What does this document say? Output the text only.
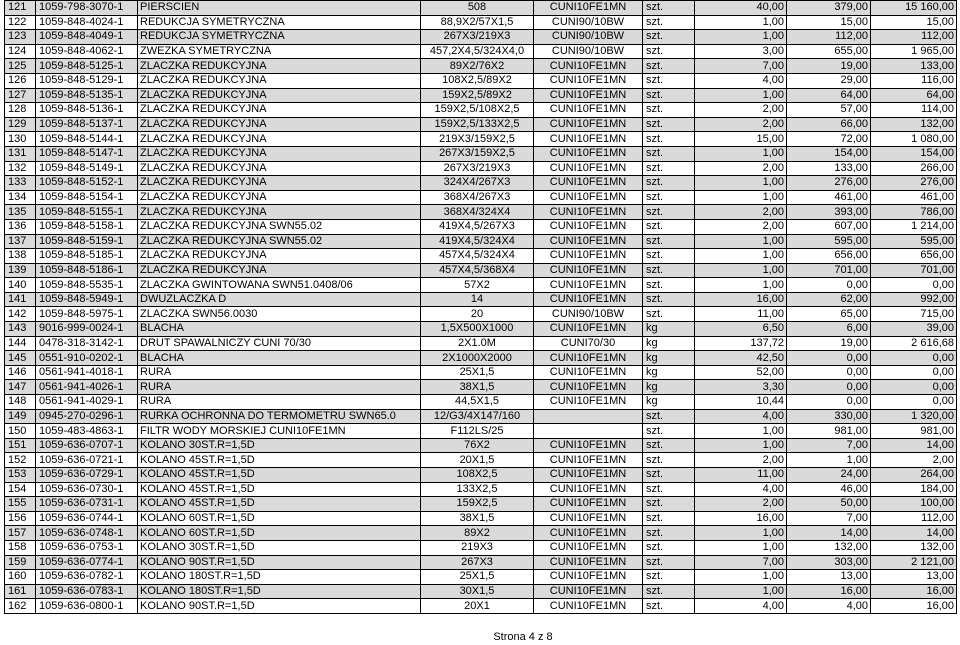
121	1059-798-3070-1	PIERSCIEN	508	CUNI10FE1MN	szt.	40,00	379,00	15 160,00
122	1059-848-4024-1	REDUKCJA SYMETRYCZNA	88,9X2/57X1,5	CUNI90/10BW	szt.	1,00	15,00	15,00
123	1059-848-4049-1	REDUKCJA SYMETRYCZNA	267X3/219X3	CUNI90/10BW	szt.	1,00	112,00	112,00
124	1059-848-4062-1	ZWEZKA SYMETRYCZNA	457,2X4,5/324X4,0	CUNI90/10BW	szt.	3,00	655,00	1 965,00
125	1059-848-5125-1	ZLACZKA REDUKCYJNA	89X2/76X2	CUNI10FE1MN	szt.	7,00	19,00	133,00
126	1059-848-5129-1	ZLACZKA REDUKCYJNA	108X2,5/89X2	CUNI10FE1MN	szt.	4,00	29,00	116,00
127	1059-848-5135-1	ZLACZKA REDUKCYJNA	159X2,5/89X2	CUNI10FE1MN	szt.	1,00	64,00	64,00
128	1059-848-5136-1	ZLACZKA REDUKCYJNA	159X2,5/108X2,5	CUNI10FE1MN	szt.	2,00	57,00	114,00
129	1059-848-5137-1	ZLACZKA REDUKCYJNA	159X2,5/133X2,5	CUNI10FE1MN	szt.	2,00	66,00	132,00
130	1059-848-5144-1	ZLACZKA REDUKCYJNA	219X3/159X2,5	CUNI10FE1MN	szt.	15,00	72,00	1 080,00
131	1059-848-5147-1	ZLACZKA REDUKCYJNA	267X3/159X2,5	CUNI10FE1MN	szt.	1,00	154,00	154,00
132	1059-848-5149-1	ZLACZKA REDUKCYJNA	267X3/219X3	CUNI10FE1MN	szt.	2,00	133,00	266,00
133	1059-848-5152-1	ZLACZKA REDUKCYJNA	324X4/267X3	CUNI10FE1MN	szt.	1,00	276,00	276,00
134	1059-848-5154-1	ZLACZKA REDUKCYJNA	368X4/267X3	CUNI10FE1MN	szt.	1,00	461,00	461,00
135	1059-848-5155-1	ZLACZKA REDUKCYJNA	368X4/324X4	CUNI10FE1MN	szt.	2,00	393,00	786,00
136	1059-848-5158-1	ZLACZKA REDUKCYJNA SWN55.02	419X4,5/267X3	CUNI10FE1MN	szt.	2,00	607,00	1 214,00
137	1059-848-5159-1	ZLACZKA REDUKCYJNA SWN55.02	419X4,5/324X4	CUNI10FE1MN	szt.	1,00	595,00	595,00
138	1059-848-5185-1	ZLACZKA REDUKCYJNA	457X4,5/324X4	CUNI10FE1MN	szt.	1,00	656,00	656,00
139	1059-848-5186-1	ZLACZKA REDUKCYJNA	457X4,5/368X4	CUNI10FE1MN	szt.	1,00	701,00	701,00
140	1059-848-5535-1	ZLACZKA GWINTOWANA SWN51.0408/06	57X2	CUNI10FE1MN	szt.	1,00	0,00	0,00
141	1059-848-5949-1	DWUZLACZKA D	14	CUNI10FE1MN	szt.	16,00	62,00	992,00
142	1059-848-5975-1	ZLACZKA SWN56.0030	20	CUNI90/10BW	szt.	11,00	65,00	715,00
143	9016-999-0024-1	BLACHA	1,5X500X1000	CUNI10FE1MN	kg	6,50	6,00	39,00
144	0478-318-3142-1	DRUT SPAWALNICZY CUNI 70/30	2X1.0M	CUNI70/30	kg	137,72	19,00	2 616,68
145	0551-910-0202-1	BLACHA	2X1000X2000	CUNI10FE1MN	kg	42,50	0,00	0,00
146	0561-941-4018-1	RURA	25X1,5	CUNI10FE1MN	kg	52,00	0,00	0,00
147	0561-941-4026-1	RURA	38X1,5	CUNI10FE1MN	kg	3,30	0,00	0,00
148	0561-941-4029-1	RURA	44,5X1,5	CUNI10FE1MN	kg	10,44	0,00	0,00
149	0945-270-0296-1	RURKA OCHRONNA DO TERMOMETRU SWN65.0	12/G3/4X147/160		szt.	4,00	330,00	1 320,00
150	1059-483-4863-1	FILTR WODY MORSKIEJ CUNI10FE1MN	F112LS/25		szt.	1,00	981,00	981,00
151	1059-636-0707-1	KOLANO 30ST.R=1,5D	76X2	CUNI10FE1MN	szt.	1,00	7,00	14,00
152	1059-636-0721-1	KOLANO 45ST.R=1,5D	20X1,5	CUNI10FE1MN	szt.	2,00	1,00	2,00
153	1059-636-0729-1	KOLANO 45ST.R=1,5D	108X2,5	CUNI10FE1MN	szt.	11,00	24,00	264,00
154	1059-636-0730-1	KOLANO 45ST.R=1,5D	133X2,5	CUNI10FE1MN	szt.	4,00	46,00	184,00
155	1059-636-0731-1	KOLANO 45ST.R=1,5D	159X2,5	CUNI10FE1MN	szt.	2,00	50,00	100,00
156	1059-636-0744-1	KOLANO 60ST.R=1,5D	38X1,5	CUNI10FE1MN	szt.	16,00	7,00	112,00
157	1059-636-0748-1	KOLANO 60ST.R=1,5D	89X2	CUNI10FE1MN	szt.	1,00	14,00	14,00
158	1059-636-0753-1	KOLANO 30ST.R=1,5D	219X3	CUNI10FE1MN	szt.	1,00	132,00	132,00
159	1059-636-0774-1	KOLANO 90ST.R=1,5D	267X3	CUNI10FE1MN	szt.	7,00	303,00	2 121,00
160	1059-636-0782-1	KOLANO 180ST.R=1,5D	25X1,5	CUNI10FE1MN	szt.	1,00	13,00	13,00
161	1059-636-0783-1	KOLANO 180ST.R=1,5D	30X1,5	CUNI10FE1MN	szt.	1,00	16,00	16,00
162	1059-636-0800-1	KOLANO 90ST.R=1,5D	20X1	CUNI10FE1MN	szt.	4,00	4,00	16,00
Strona 4 z 8
